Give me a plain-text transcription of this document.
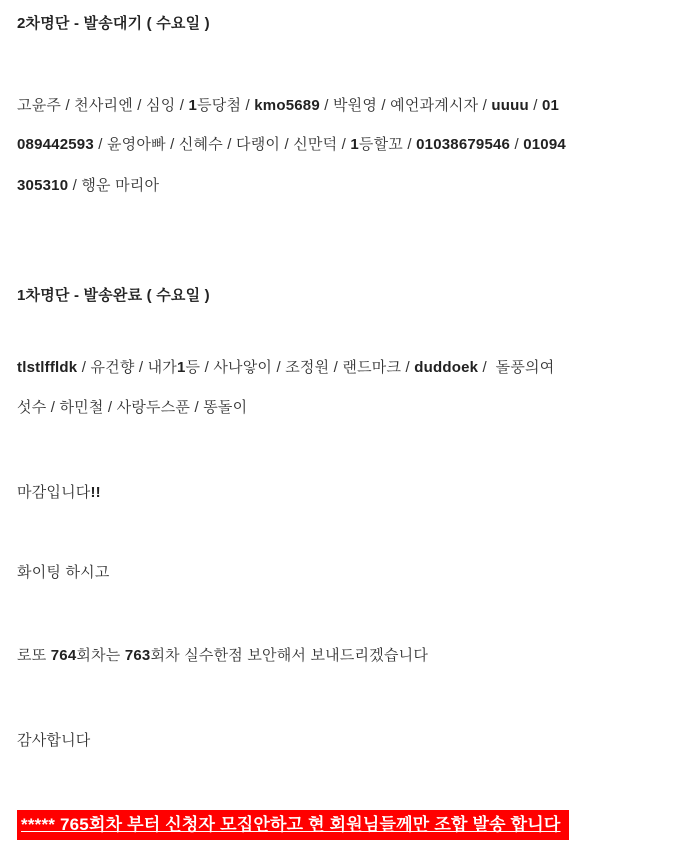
2차명단 - 발송대기 ( 수요일 )
고윤주 / 천사리엔 / 심잉 / 1등당첨 / kmo5689 / 박원영 / 예언과계시자 / uuuu / 01
089442593 / 윤영아빠 / 신혜수 / 다랭이 / 신만덕 / 1등할꼬 / 01038679546 / 01094
305310 / 행운 마리아
1차명단 - 발송완료 ( 수요일 )
tlstlffldk / 유건향 / 내가1등 / 사나앟이 / 조정원 / 랜드마크 / duddoek /  돌풍의여
섯수 / 하민철 / 사랑두스푼 / 똥돌이
마감입니다!!
화이팅 하시고
로또 764회차는 763회차 실수한점 보안해서 보내드리겠습니다
감사합니다
***** 765회차 부터 신청자 모집안하고 현 회원님들께만 조합 발송 합니다
